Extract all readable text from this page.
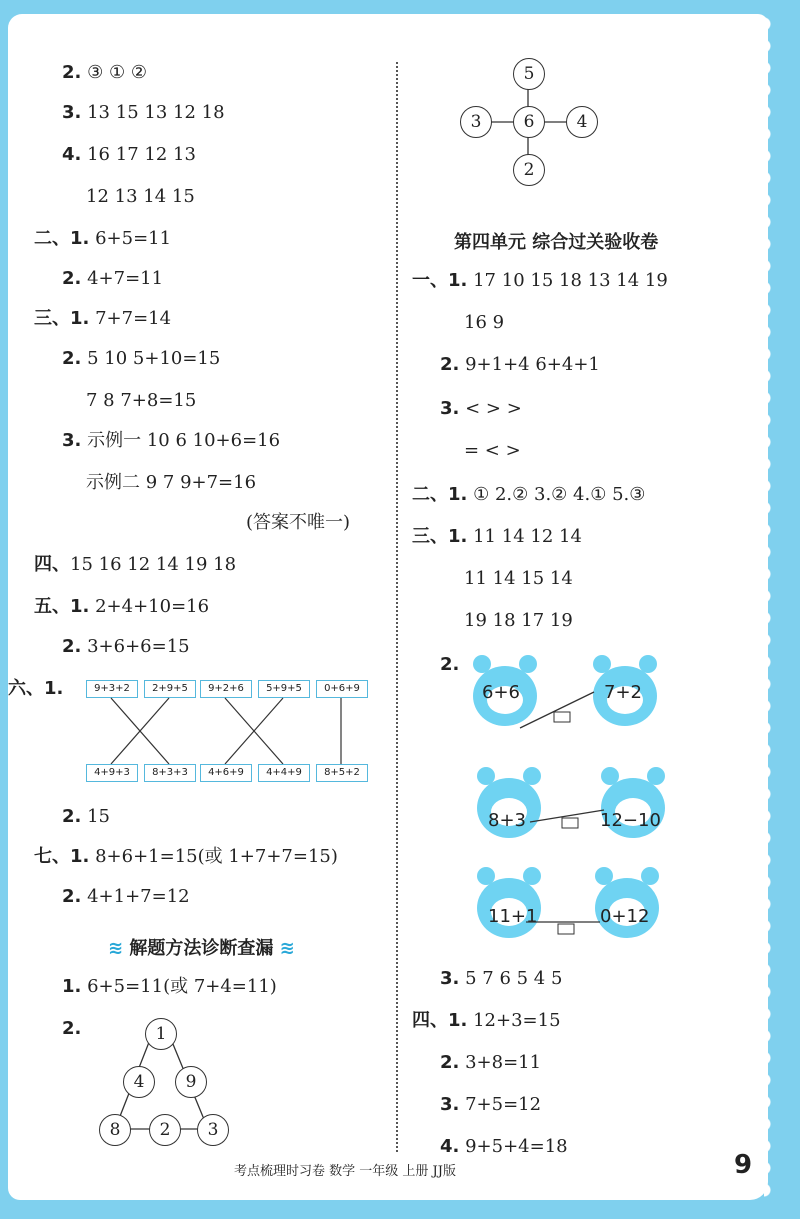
2. ③ ① ②
3. 13 15 13 12 18
4. 16 17 12 13
12 13 14 15
二、1. 6+5=11
2. 4+7=11
三、1. 7+7=14
2. 5 10 5+10=15
7 8 7+8=15
3. 示例一 10 6 10+6=16
示例二 9 7 9+7=16
(答案不唯一)
四、15 16 12 14 19 18
五、1. 2+4+10=16
2. 3+6+6=15
六、1.	9+3+2	2+9+5	9+2+6	5+9+5	0+6+9
4+9+3	8+3+3	4+6+9	4+4+9	8+5+2
2. 15
七、1. 8+6+1=15(或 1+7+7=15)
2. 4+1+7=12
≋ 解题方法诊断查漏 ≋
1. 6+5=11(或 7+4=11)
2.	1
4	9
8	2	3
5
3	6	4
2
第四单元 综合过关验收卷
一、1. 17 10 15 18 13 14 19
16 9
2. 9+1+4 6+4+1
3. < > >
= < >
二、1. ① 2.② 3.② 4.① 5.③
三、1. 11 14 12 14
11 14 15 14
19 18 17 19
2.
6+6	7+2
8+3	12−10
11+1	0+12
3. 5 7 6 5 4 5
四、1. 12+3=15
2. 3+8=11
3. 7+5=12
4. 9+5+4=18
考点梳理时习卷 数学 一年级 上册 JJ版	9
